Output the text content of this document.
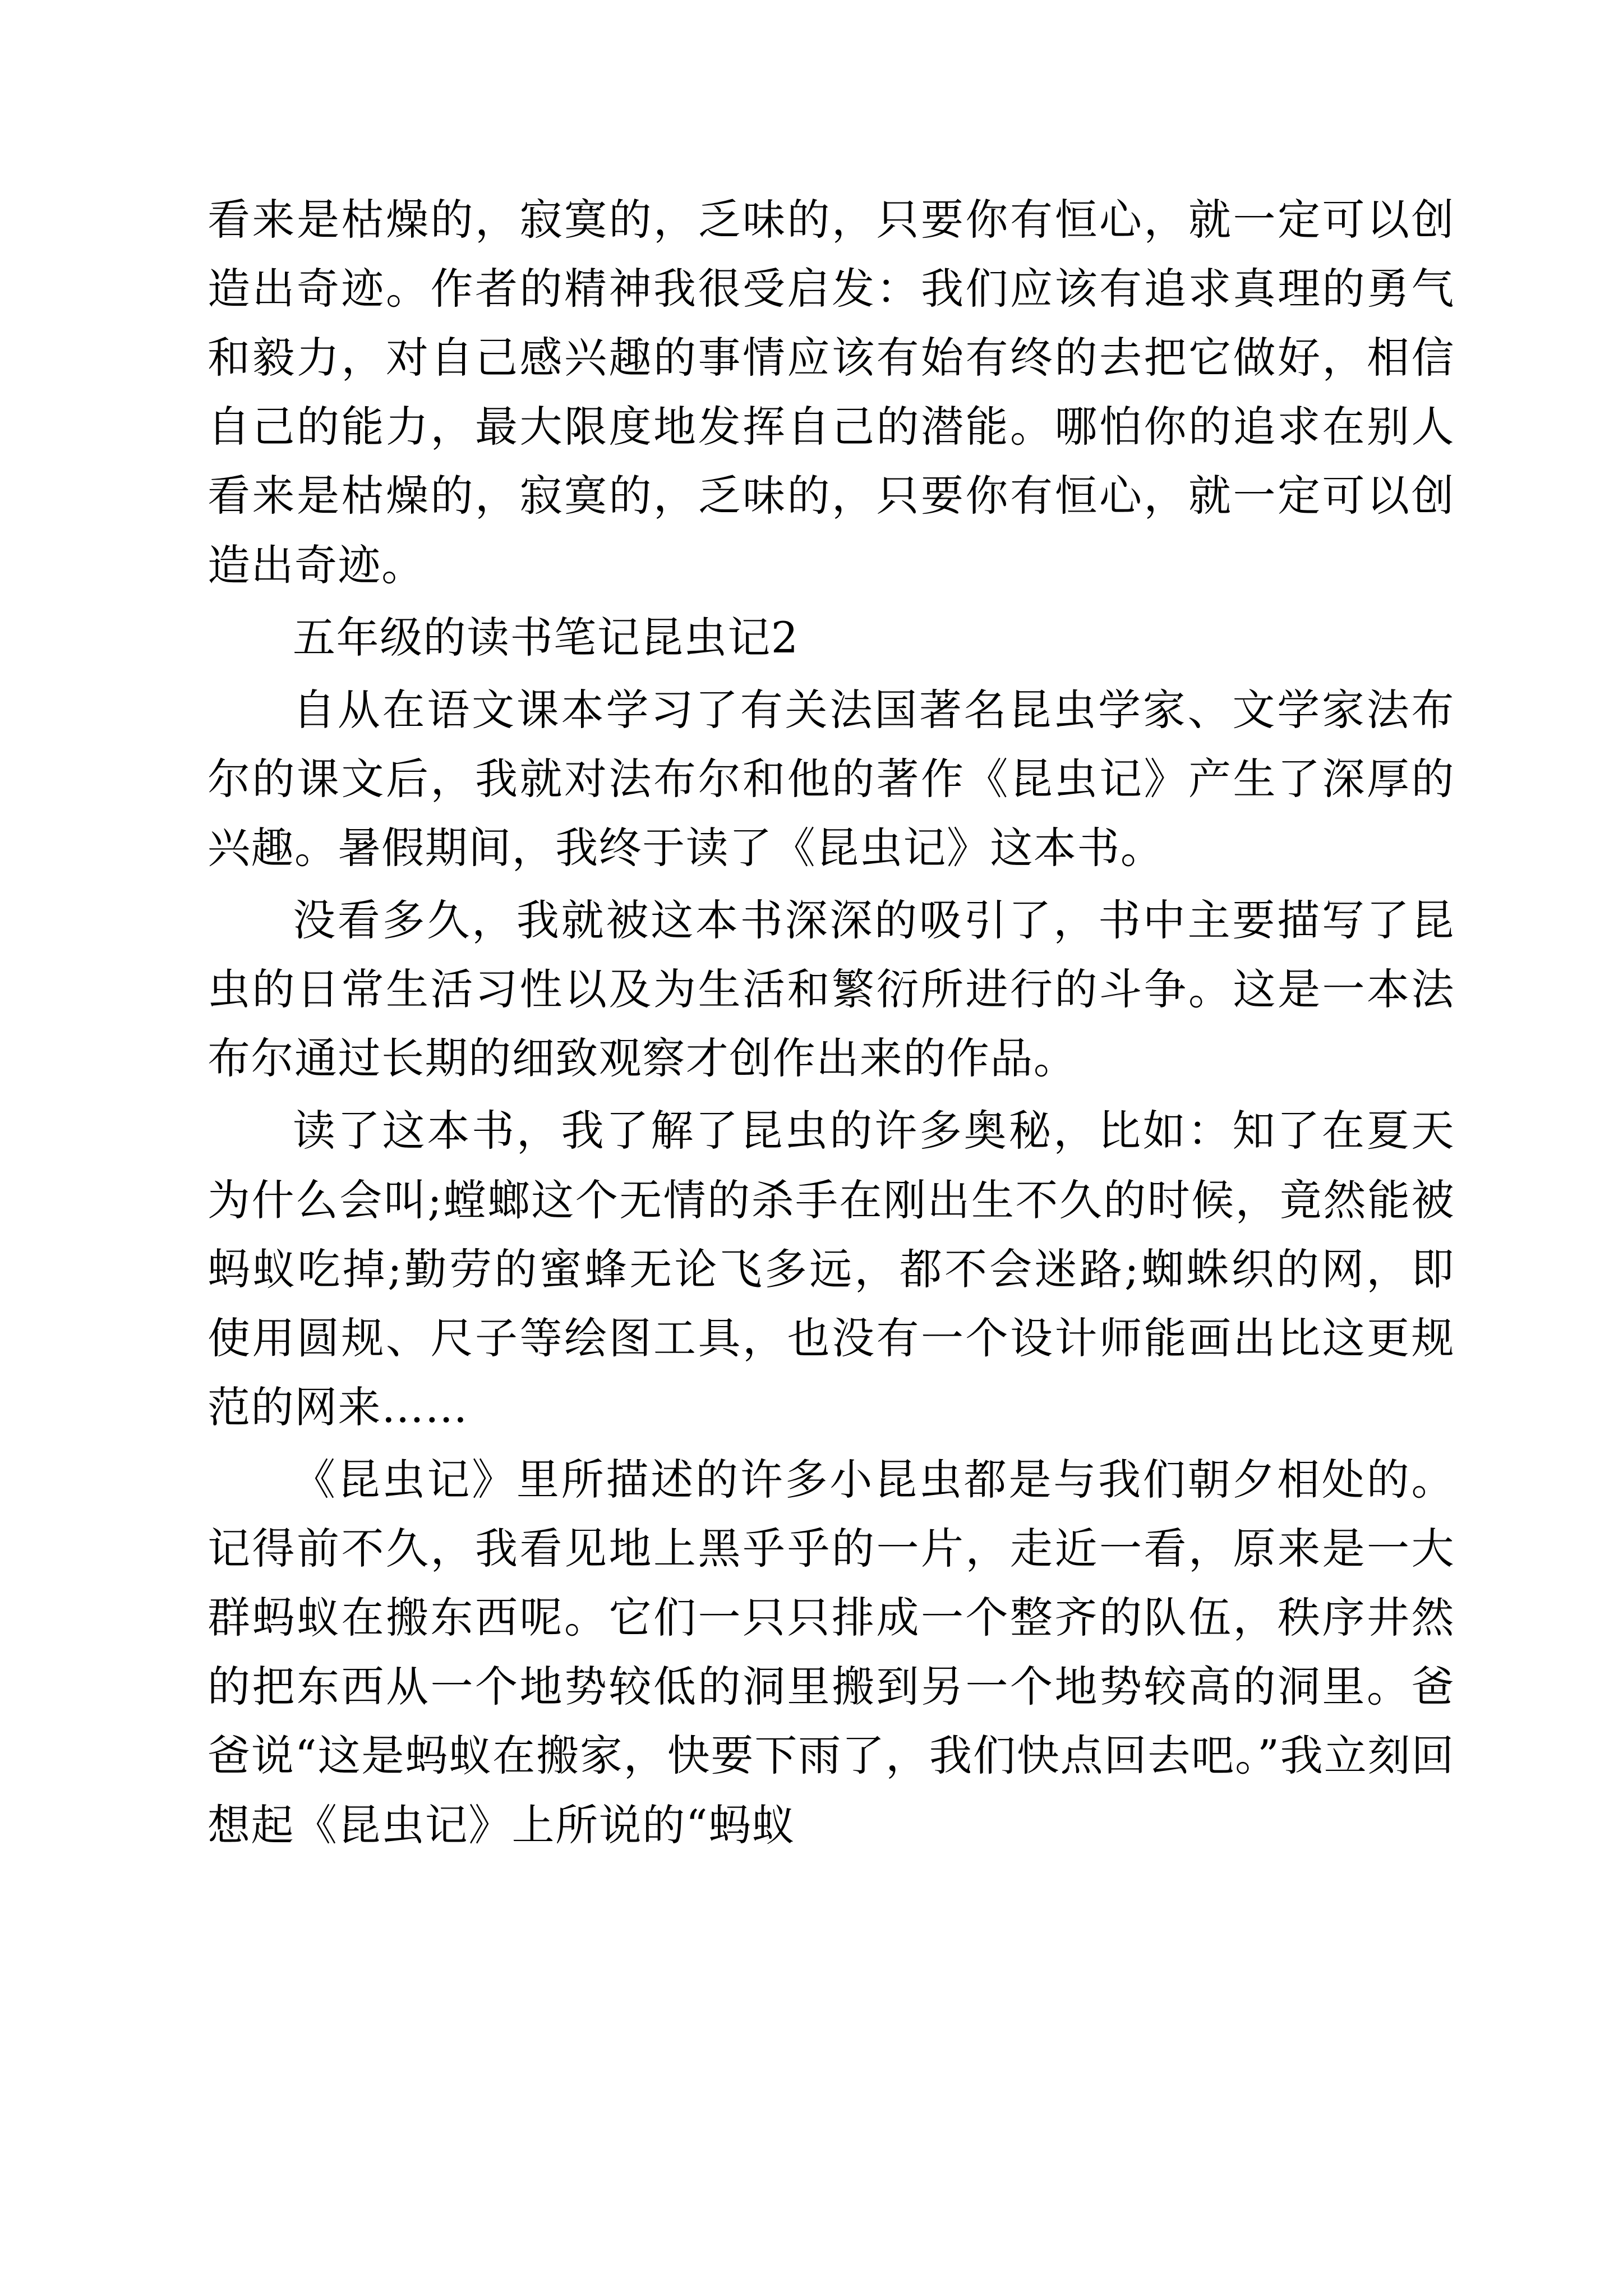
看来是枯燥的，寂寞的，乏味的，只要你有恒心，就一定可以创造出奇迹。作者的精神我很受启发：我们应该有追求真理的勇气和毅力，对自己感兴趣的事情应该有始有终的去把它做好，相信自己的能力，最大限度地发挥自己的潜能。哪怕你的追求在别人看来是枯燥的，寂寞的，乏味的，只要你有恒心，就一定可以创造出奇迹。

五年级的读书笔记昆虫记2

自从在语文课本学习了有关法国著名昆虫学家、文学家法布尔的课文后，我就对法布尔和他的著作《昆虫记》产生了深厚的兴趣。暑假期间，我终于读了《昆虫记》这本书。

没看多久，我就被这本书深深的吸引了，书中主要描写了昆虫的日常生活习性以及为生活和繁衍所进行的斗争。这是一本法布尔通过长期的细致观察才创作出来的作品。

读了这本书，我了解了昆虫的许多奥秘，比如：知了在夏天为什么会叫;螳螂这个无情的杀手在刚出生不久的时候，竟然能被蚂蚁吃掉;勤劳的蜜蜂无论飞多远，都不会迷路;蜘蛛织的网，即使用圆规、尺子等绘图工具，也没有一个设计师能画出比这更规范的网来……

《昆虫记》里所描述的许多小昆虫都是与我们朝夕相处的。记得前不久，我看见地上黑乎乎的一片，走近一看，原来是一大群蚂蚁在搬东西呢。它们一只只排成一个整齐的队伍，秩序井然的把东西从一个地势较低的洞里搬到另一个地势较高的洞里。爸爸说“这是蚂蚁在搬家，快要下雨了，我们快点回去吧。”我立刻回想起《昆虫记》上所说的“蚂蚁
